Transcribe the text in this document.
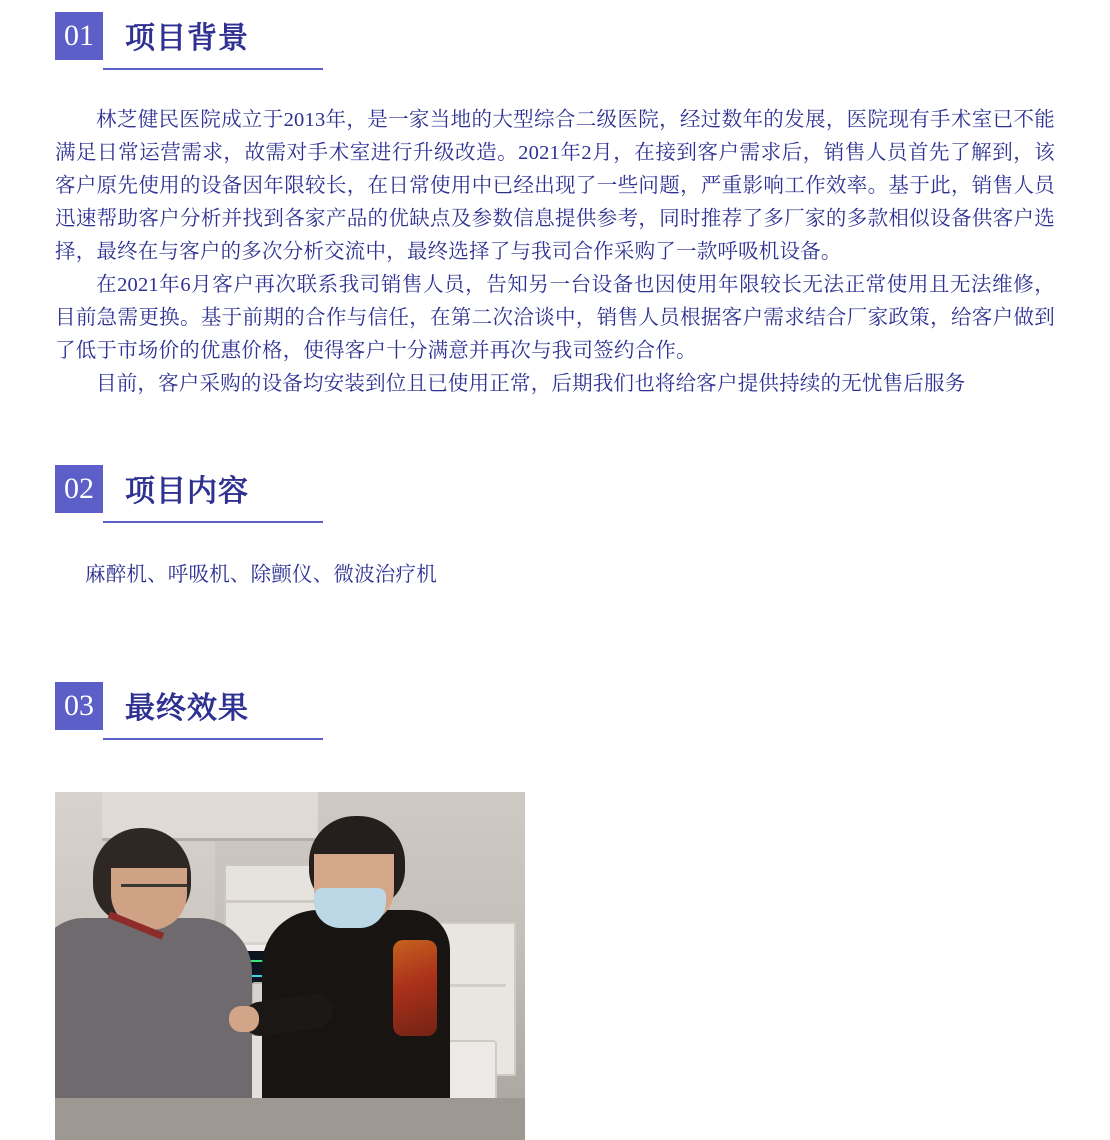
01	项目背景

林芝健民医院成立于2013年，是一家当地的大型综合二级医院，经过数年的发展，医院现有手术室已不能满足日常运营需求，故需对手术室进行升级改造。2021年2月，在接到客户需求后，销售人员首先了解到，该客户原先使用的设备因年限较长，在日常使用中已经出现了一些问题，严重影响工作效率。基于此，销售人员迅速帮助客户分析并找到各家产品的优缺点及参数信息提供参考，同时推荐了多厂家的多款相似设备供客户选择，最终在与客户的多次分析交流中，最终选择了与我司合作采购了一款呼吸机设备。

在2021年6月客户再次联系我司销售人员，告知另一台设备也因使用年限较长无法正常使用且无法维修，目前急需更换。基于前期的合作与信任，在第二次洽谈中，销售人员根据客户需求结合厂家政策，给客户做到了低于市场价的优惠价格，使得客户十分满意并再次与我司签约合作。

目前，客户采购的设备均安装到位且已使用正常，后期我们也将给客户提供持续的无忧售后服务

02	项目内容

麻醉机、呼吸机、除颤仪、微波治疗机

03	最终效果
